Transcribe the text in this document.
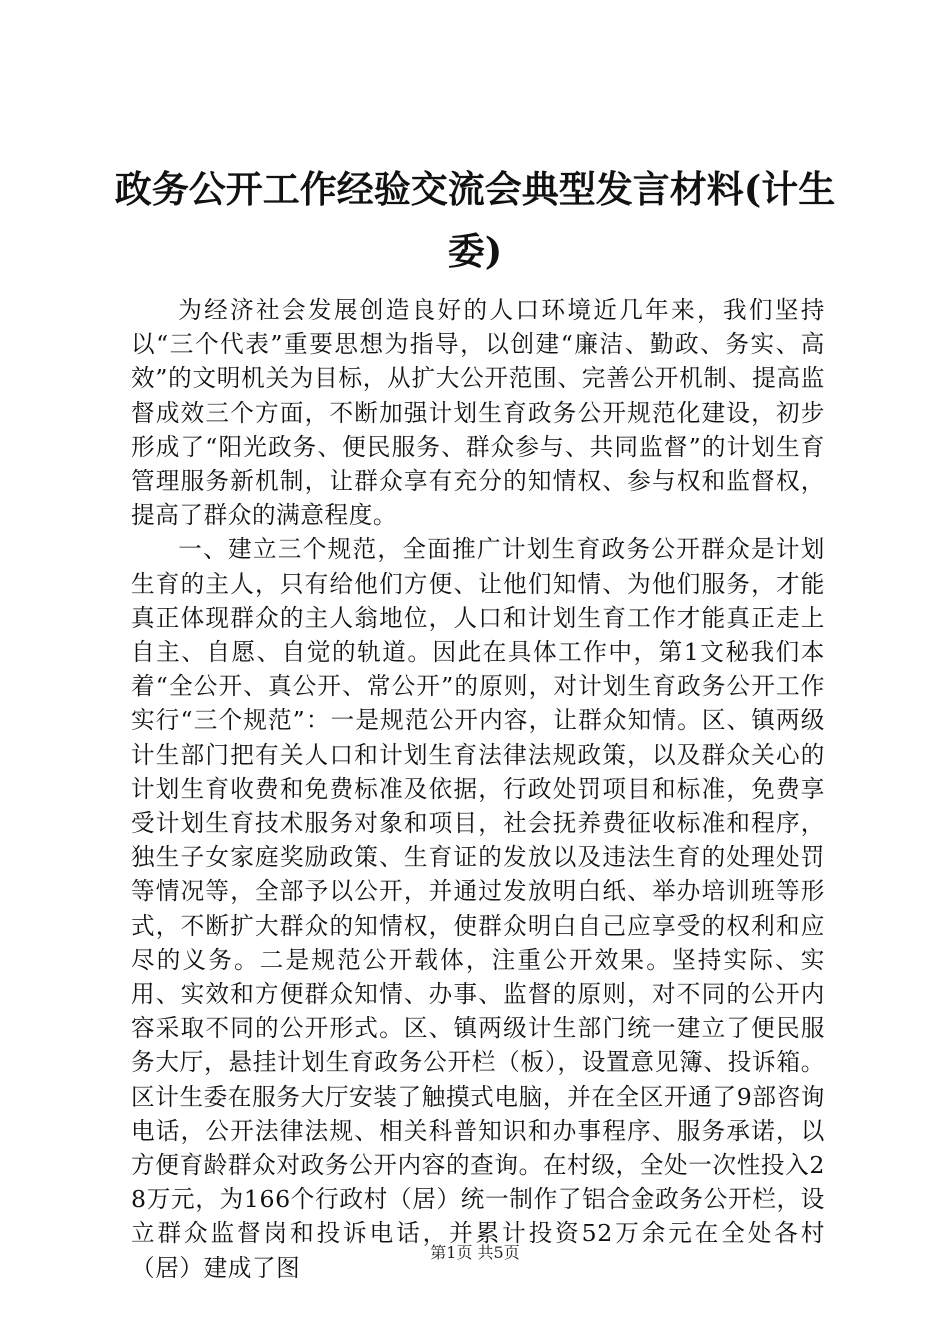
政务公开工作经验交流会典型发言材料(计生委)

为经济社会发展创造良好的人口环境近几年来，我们坚持以“三个代表”重要思想为指导，以创建“廉洁、勤政、务实、高效”的文明机关为目标，从扩大公开范围、完善公开机制、提高监督成效三个方面，不断加强计划生育政务公开规范化建设，初步形成了“阳光政务、便民服务、群众参与、共同监督”的计划生育管理服务新机制，让群众享有充分的知情权、参与权和监督权，提高了群众的满意程度。

一、建立三个规范，全面推广计划生育政务公开群众是计划生育的主人，只有给他们方便、让他们知情、为他们服务，才能真正体现群众的主人翁地位，人口和计划生育工作才能真正走上自主、自愿、自觉的轨道。因此在具体工作中，第1文秘我们本着“全公开、真公开、常公开”的原则，对计划生育政务公开工作实行“三个规范”：一是规范公开内容，让群众知情。区、镇两级计生部门把有关人口和计划生育法律法规政策，以及群众关心的计划生育收费和免费标准及依据，行政处罚项目和标准，免费享受计划生育技术服务对象和项目，社会抚养费征收标准和程序，独生子女家庭奖励政策、生育证的发放以及违法生育的处理处罚等情况等，全部予以公开，并通过发放明白纸、举办培训班等形式，不断扩大群众的知情权，使群众明白自己应享受的权利和应尽的义务。二是规范公开载体，注重公开效果。坚持实际、实用、实效和方便群众知情、办事、监督的原则，对不同的公开内容采取不同的公开形式。区、镇两级计生部门统一建立了便民服务大厅，悬挂计划生育政务公开栏（板），设置意见簿、投诉箱。区计生委在服务大厅安装了触摸式电脑，并在全区开通了9部咨询电话，公开法律法规、相关科普知识和办事程序、服务承诺，以方便育龄群众对政务公开内容的查询。在村级，全处一次性投入28万元，为166个行政村（居）统一制作了铝合金政务公开栏，设立群众监督岗和投诉电话，并累计投资52万余元在全处各村（居）建成了图

第1页 共5页
